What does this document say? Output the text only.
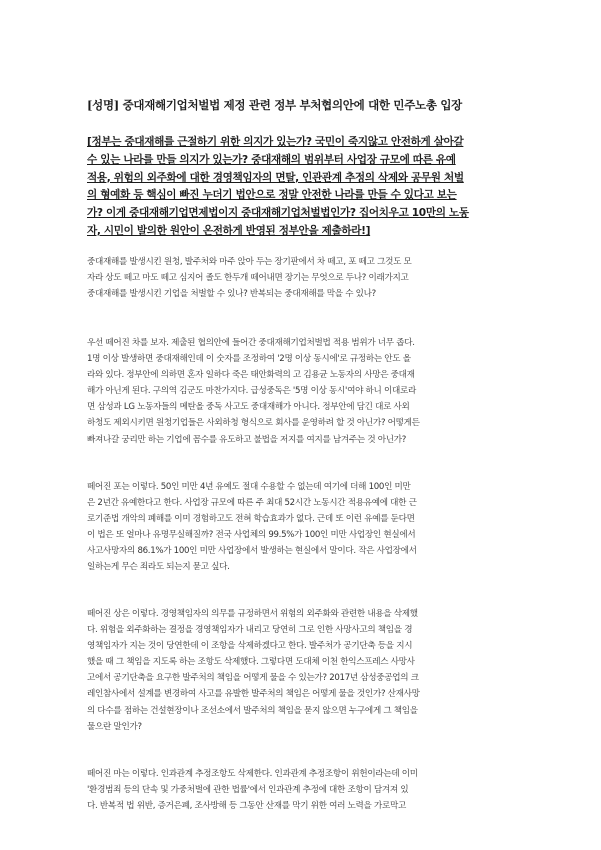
[성명] 중대재해기업처벌법 제정 관련 정부 부처협의안에 대한 민주노총 입장

[정부는 중대재해를 근절하기 위한 의지가 있는가? 국민이 죽지않고 안전하게 살아갈

수 있는 나라를 만들 의지가 있는가? 중대재해의 범위부터 사업장 규모에 따른 유예

적용, 위험의 외주화에 대한 경영책임자의 면탈, 인관관계 추정의 삭제와 공무원 처벌

의 형예화 등 핵심이 빠진 누더기 법안으로 정말 안전한 나라를 만들 수 있다고 보는

가? 이게 중대재해기업면제법이지 중대재해기업처벌법인가? 집어치우고 10만의 노동

자, 시민이 발의한 원안이 온전하게 반영된 정부안을 제출하라!]

중대재해를 발생시킨 원청, 발주처와 마주 앉아 두는 장기판에서 차 떼고, 포 떼고 그것도 모

자라 상도 떼고 마도 떼고 심지어 졸도 한두개 떼어내면 장기는 무엇으로 두나? 이래가지고

중대재해를 발생시킨 기업을 처벌할 수 있나? 반복되는 중대재해를 막을 수 있나?

우선 떼어진 차를 보자. 제출된 협의안에 들어간 중대재해기업처벌법 적용 범위가 너무 좁다.

1명 이상 발생하면 중대재해인데 이 숫자를 조정하여 '2명 이상 동시에'로 규정하는 안도 올

라와 있다. 정부안에 의하면 혼자 일하다 죽은 태안화력의 고 김용균 노동자의 사망은 중대재

해가 아닌게 된다. 구의역 김군도 마찬가지다. 급성중독은 '5명 이상 동시'여야 하니 이대로라

면 삼성과 LG 노동자들의 메탄올 중독 사고도 중대재해가 아니다. 정부안에 담긴 대로 사외

하청도 제외시키면 원청기업들은 사외하청 형식으로 회사를 운영하려 할 것 아닌가? 어떻게든

빠져나갈 궁리만 하는 기업에 꼼수를 유도하고 불법을 저지를 여지를 남겨주는 것 아닌가?

떼어진 포는 이렇다. 50인 미만 4년 유예도 절대 수용할 수 없는데 여기에 더해 100인 미만

은 2년간 유예한다고 한다. 사업장 규모에 따른 주 최대 52시간 노동시간 적용유예에 대한 근

로기준법 개악의 폐해를 이미 경험하고도 전혀 학습효과가 없다. 근데 또 이런 유예를 둔다면

이 법은 또 얼마나 유명무실해질까? 전국 사업체의 99.5%가 100인 미만 사업장인 현실에서

사고사망자의 86.1%가 100인 미만 사업장에서 발생하는 현실에서 말이다. 작은 사업장에서

일하는게 무슨 죄라도 되는지 묻고 싶다.

떼어진 상은 이렇다. 경영책임자의 의무를 규정하면서 위험의 외주화와 관련한 내용을 삭제했

다. 위험을 외주화하는 결정을 경영책임자가 내리고 당연히 그로 인한 사망사고의 책임을 경

영책임자가 지는 것이 당연한데 이 조항을 삭제하겠다고 한다. 발주처가 공기단축 등을 지시

했을 때 그 책임을 지도록 하는 조항도 삭제했다. 그렇다면 도대체 이천 한익스프레스 사망사

고에서 공기단축을 요구한 발주처의 책임을 어떻게 물을 수 있는가? 2017년 삼성중공업의 크

레인참사에서 설계를 변경하여 사고를 유발한 발주처의 책임은 어떻게 물을 것인가? 산재사망

의 다수를 점하는 건설현장이나 조선소에서 발주처의 책임을 묻지 않으면 누구에게 그 책임을

물으란 말인가?

떼어진 마는 이렇다. 인과관계 추정조항도 삭제한다. 인과관계 추정조항이 위헌이라는데 이미

'환경범죄 등의 단속 및 가중처벌에 관한 법률'에서 인과관계 추정에 대한 조항이 담겨져 있

다. 반복적 법 위반, 증거은폐, 조사방해 등 그동안 산재를 막기 위한 여러 노력을 가로막고
